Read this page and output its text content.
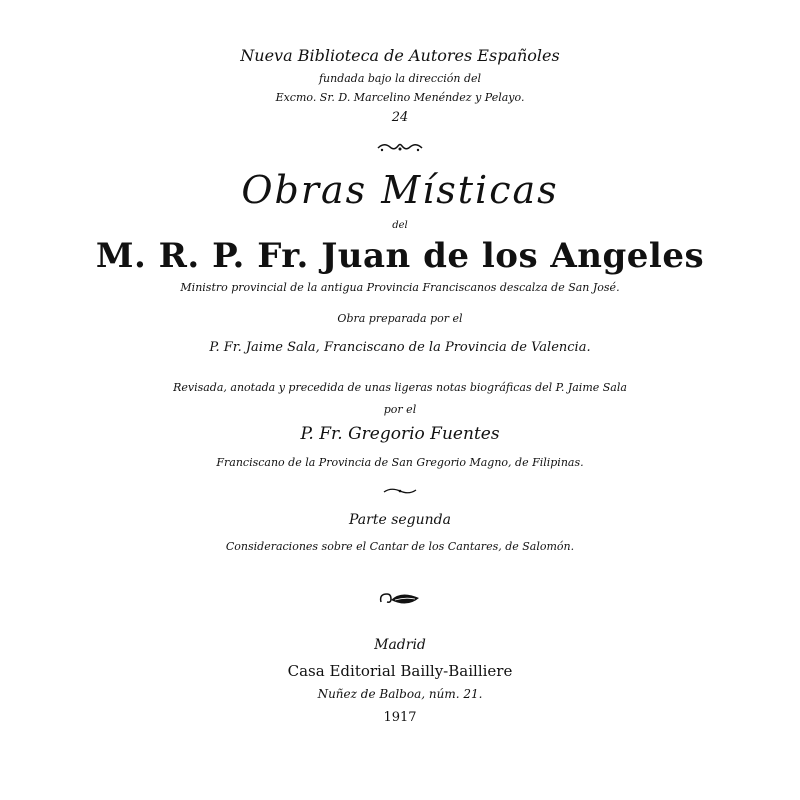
Nueva Biblioteca de Autores Españoles
fundada bajo la dirección del
Excmo. Sr. D. Marcelino Menéndez y Pelayo.
24
Obras Místicas
del
M. R. P. Fr. Juan de los Angeles
Ministro provincial de la antigua Provincia Franciscanos descalza de San José.
Obra preparada por el
P. Fr. Jaime Sala, Franciscano de la Provincia de Valencia.
Revisada, anotada y precedida de unas ligeras notas biográficas del P. Jaime Sala
por el
P. Fr. Gregorio Fuentes
Franciscano de la Provincia de San Gregorio Magno, de Filipinas.
Parte segunda
Consideraciones sobre el Cantar de los Cantares, de Salomón.
Madrid
Casa Editorial Bailly-Bailliere
Nuñez de Balboa, núm. 21.
1917
